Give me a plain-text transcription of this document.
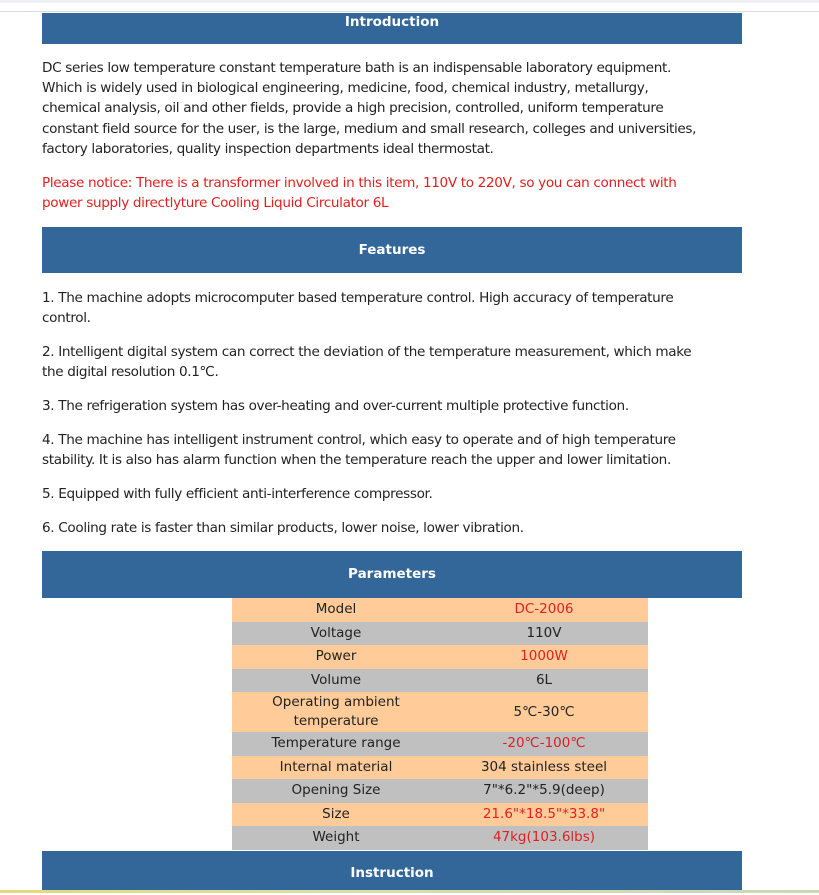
Introduction

DC series low temperature constant temperature bath is an indispensable laboratory equipment.
Which is widely used in biological engineering, medicine, food, chemical industry, metallurgy,
chemical analysis, oil and other fields, provide a high precision, controlled, uniform temperature
constant field source for the user, is the large, medium and small research, colleges and universities,
factory laboratories, quality inspection departments ideal thermostat.

Please notice: There is a transformer involved in this item, 110V to 220V, so you can connect with
power supply directlyture Cooling Liquid Circulator 6L

Features

1. The machine adopts microcomputer based temperature control. High accuracy of temperature
control.

2. Intelligent digital system can correct the deviation of the temperature measurement, which make
the digital resolution 0.1℃.

3. The refrigeration system has over-heating and over-current multiple protective function.

4. The machine has intelligent instrument control, which easy to operate and of high temperature
stability. It is also has alarm function when the temperature reach the upper and lower limitation.

5. Equipped with fully efficient anti-interference compressor.

6. Cooling rate is faster than similar products, lower noise, lower vibration.

Parameters
Model	DC-2006
Voltage	110V
Power	1000W
Volume	6L
Operating ambient
temperature	5℃-30℃
Temperature range	-20℃-100℃
Internal material	304 stainless steel
Opening Size	7"*6.2"*5.9(deep)
Size	21.6"*18.5"*33.8"
Weight	47kg(103.6lbs)
Instruction
